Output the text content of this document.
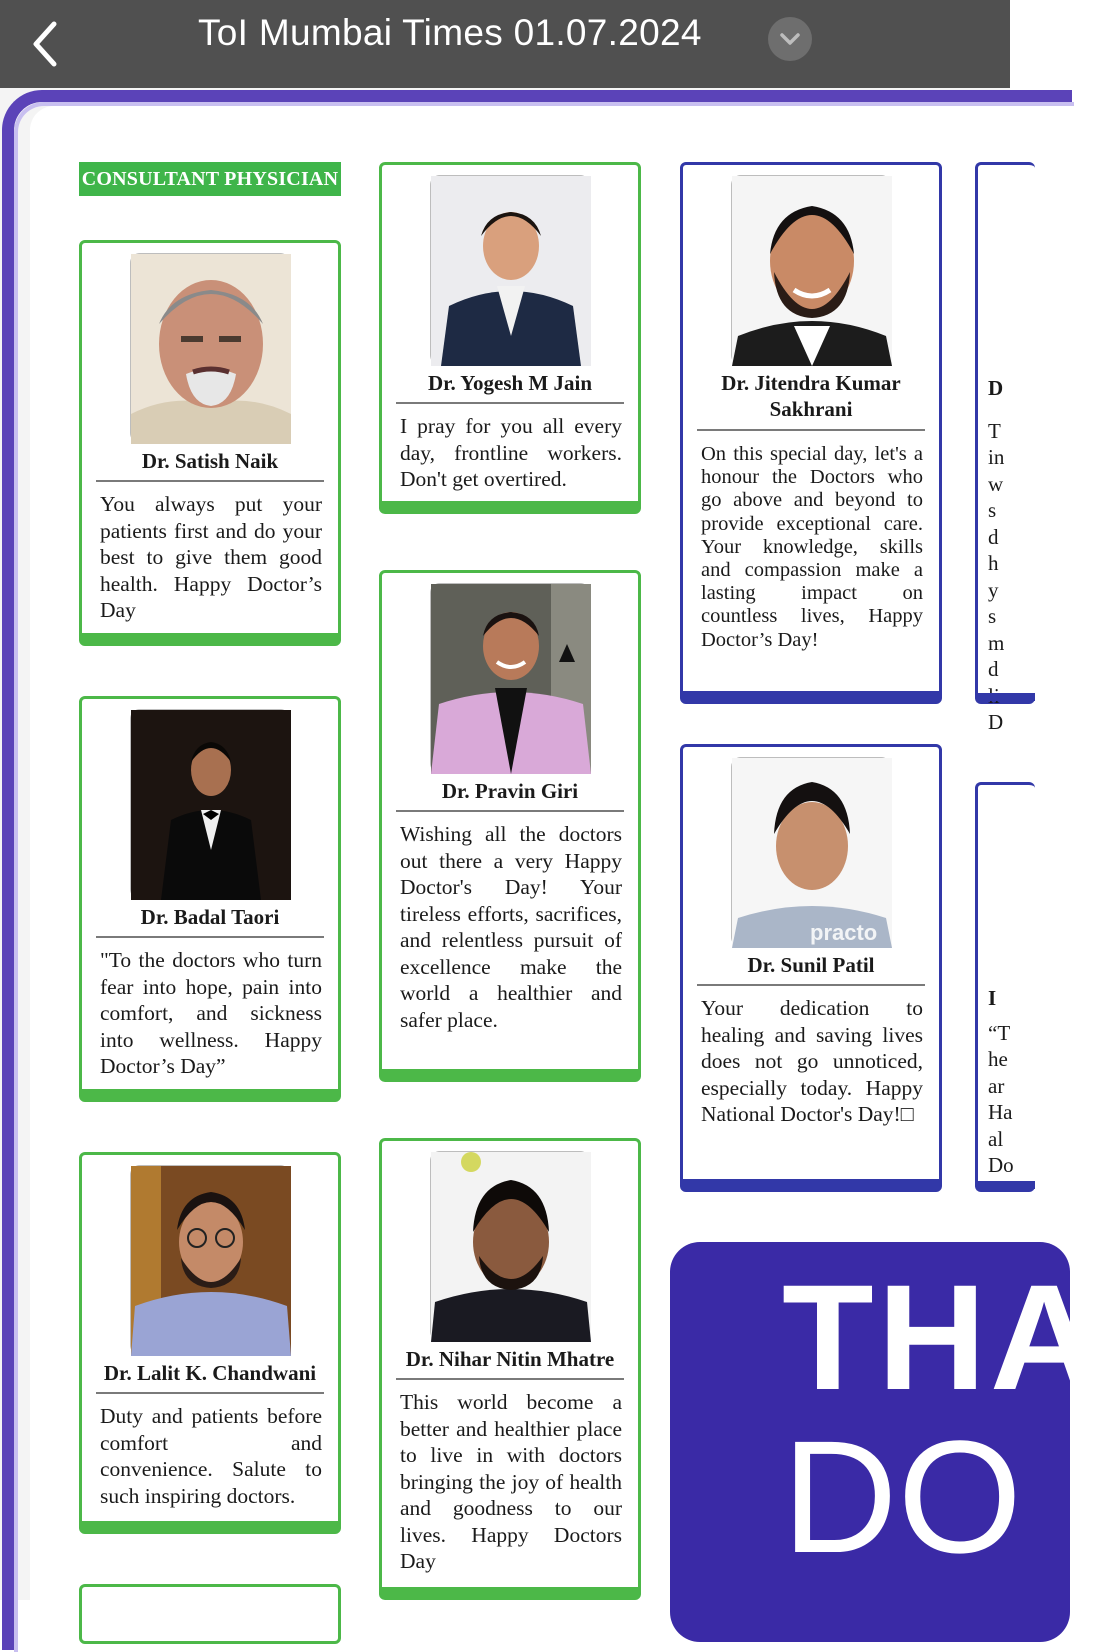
ToI Mumbai Times 01.07.2024
CONSULTANT PHYSICIAN
Dr. Satish Naik
You always put your patients first and do your best to give them good health. Happy Doctor’s Day
Dr. Yogesh M Jain
I pray for you all every day, frontline workers. Don't get overtired.
Dr. Jitendra Kumar Sakhrani
On this special day, let's a honour the Doctors who go above and beyond to provide exceptional care. Your knowledge, skills and compassion make a lasting impact on countless lives, Happy Doctor’s Day!
Dr. Badal Taori
"To the doctors who turn fear into hope, pain into comfort, and sickness into wellness. Happy Doctor’s Day”
Dr. Pravin Giri
Wishing all the doctors out there a very Happy Doctor's Day! Your tireless efforts, sacrifices, and relentless pursuit of excellence make the world a healthier and safer place.
practo
Dr. Sunil Patil
Your dedication to healing and saving lives does not go unnoticed, especially today. Happy National Doctor's Day!□
Dr. Lalit K. Chandwani
Duty and patients before comfort and convenience. Salute to such inspiring doctors.
Dr. Nihar Nitin Mhatre
This world become a better and healthier place to live in with doctors bringing the joy of health and goodness to our lives. Happy Doctors Day
D
T
in
w
s
d
h
y
s
m
d
D
I
“T
he
ar
Ha
al
Do
THA
DO
